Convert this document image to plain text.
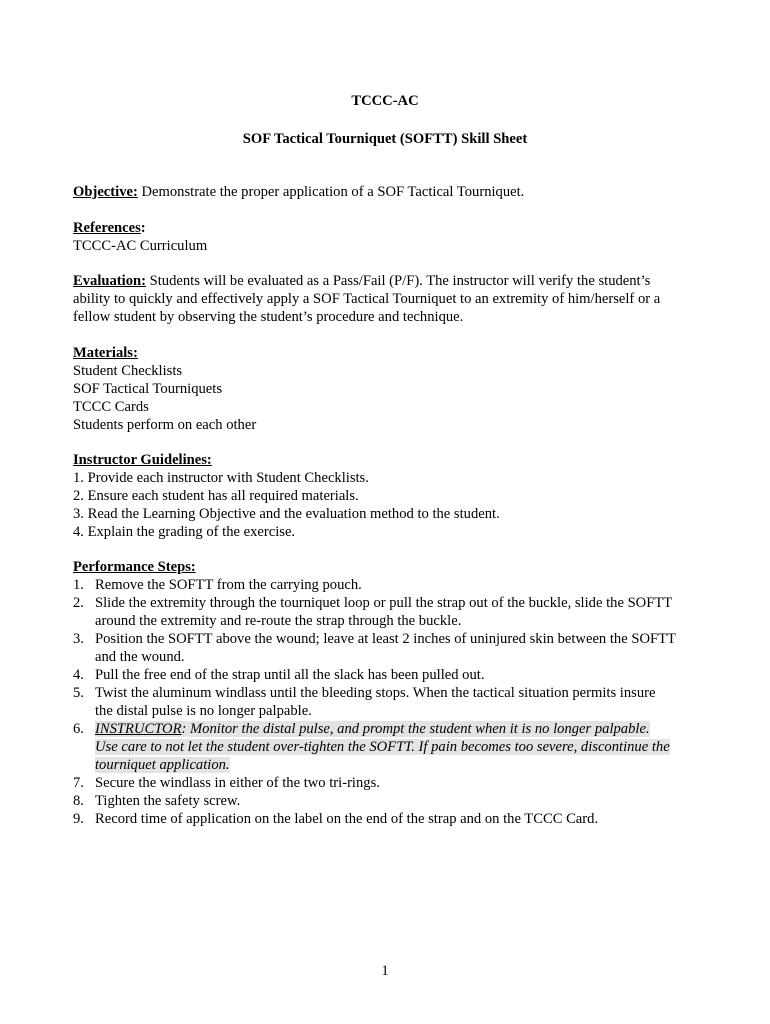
TCCC-AC
SOF Tactical Tourniquet (SOFTT) Skill Sheet
Objective: Demonstrate the proper application of a SOF Tactical Tourniquet.
References:
TCCC-AC Curriculum
Evaluation: Students will be evaluated as a Pass/Fail (P/F). The instructor will verify the student’s
ability to quickly and effectively apply a SOF Tactical Tourniquet to an extremity of him/herself or a
fellow student by observing the student’s procedure and technique.
Materials:
Student Checklists
SOF Tactical Tourniquets
TCCC Cards
Students perform on each other
Instructor Guidelines:
1. Provide each instructor with Student Checklists.
2. Ensure each student has all required materials.
3. Read the Learning Objective and the evaluation method to the student.
4. Explain the grading of the exercise.
Performance Steps:
1. Remove the SOFTT from the carrying pouch.
2. Slide the extremity through the tourniquet loop or pull the strap out of the buckle, slide the SOFTT
around the extremity and re-route the strap through the buckle.
3. Position the SOFTT above the wound; leave at least 2 inches of uninjured skin between the SOFTT
and the wound.
4. Pull the free end of the strap until all the slack has been pulled out.
5. Twist the aluminum windlass until the bleeding stops. When the tactical situation permits insure
the distal pulse is no longer palpable.
6. INSTRUCTOR: Monitor the distal pulse, and prompt the student when it is no longer palpable.
Use care to not let the student over-tighten the SOFTT. If pain becomes too severe, discontinue the
tourniquet application.
7. Secure the windlass in either of the two tri-rings.
8. Tighten the safety screw.
9. Record time of application on the label on the end of the strap and on the TCCC Card.
1
